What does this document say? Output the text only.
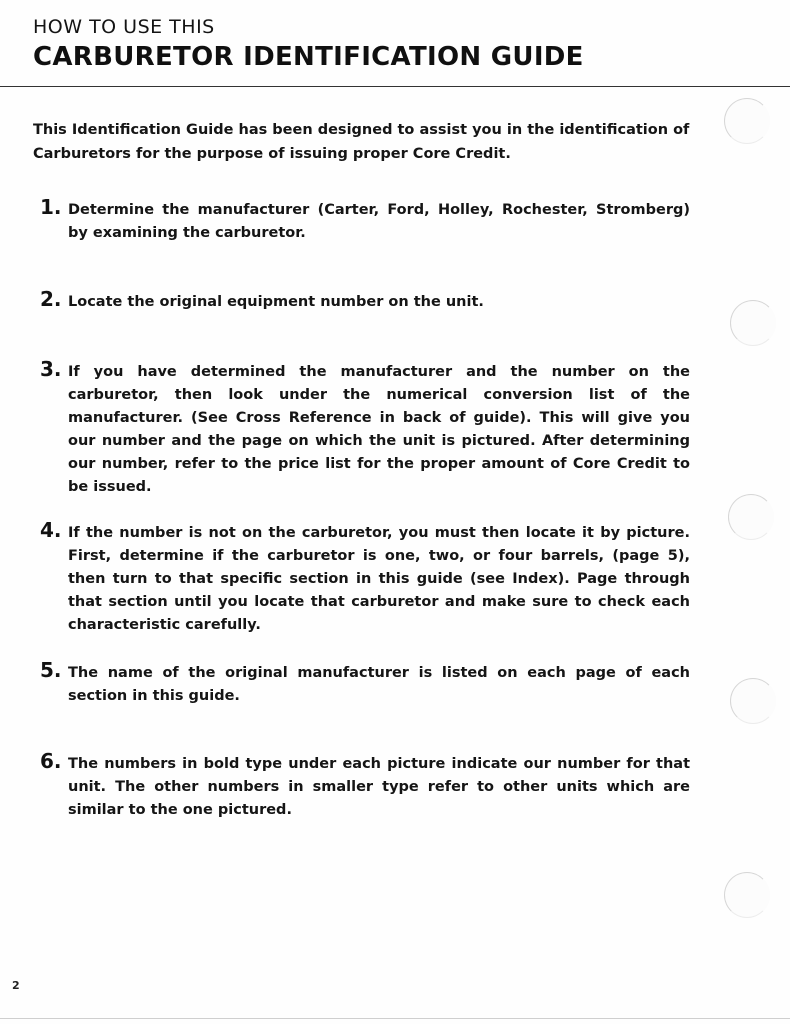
HOW TO USE THIS
CARBURETOR IDENTIFICATION GUIDE
This Identification Guide has been designed to assist you in the identification of Carburetors for the purpose of issuing proper Core Credit.
1. Determine the manufacturer (Carter, Ford, Holley, Rochester, Stromberg) by examining the carburetor.
2. Locate the original equipment number on the unit.
3. If you have determined the manufacturer and the number on the carburetor, then look under the numerical conversion list of the manufacturer. (See Cross Reference in back of guide). This will give you our number and the page on which the unit is pictured. After determining our number, refer to the price list for the proper amount of Core Credit to be issued.
4. If the number is not on the carburetor, you must then locate it by picture. First, determine if the carburetor is one, two, or four barrels, (page 5), then turn to that specific section in this guide (see Index). Page through that section until you locate that carburetor and make sure to check each characteristic carefully.
5. The name of the original manufacturer is listed on each page of each section in this guide.
6. The numbers in bold type under each picture indicate our number for that unit. The other numbers in smaller type refer to other units which are similar to the one pictured.
2
